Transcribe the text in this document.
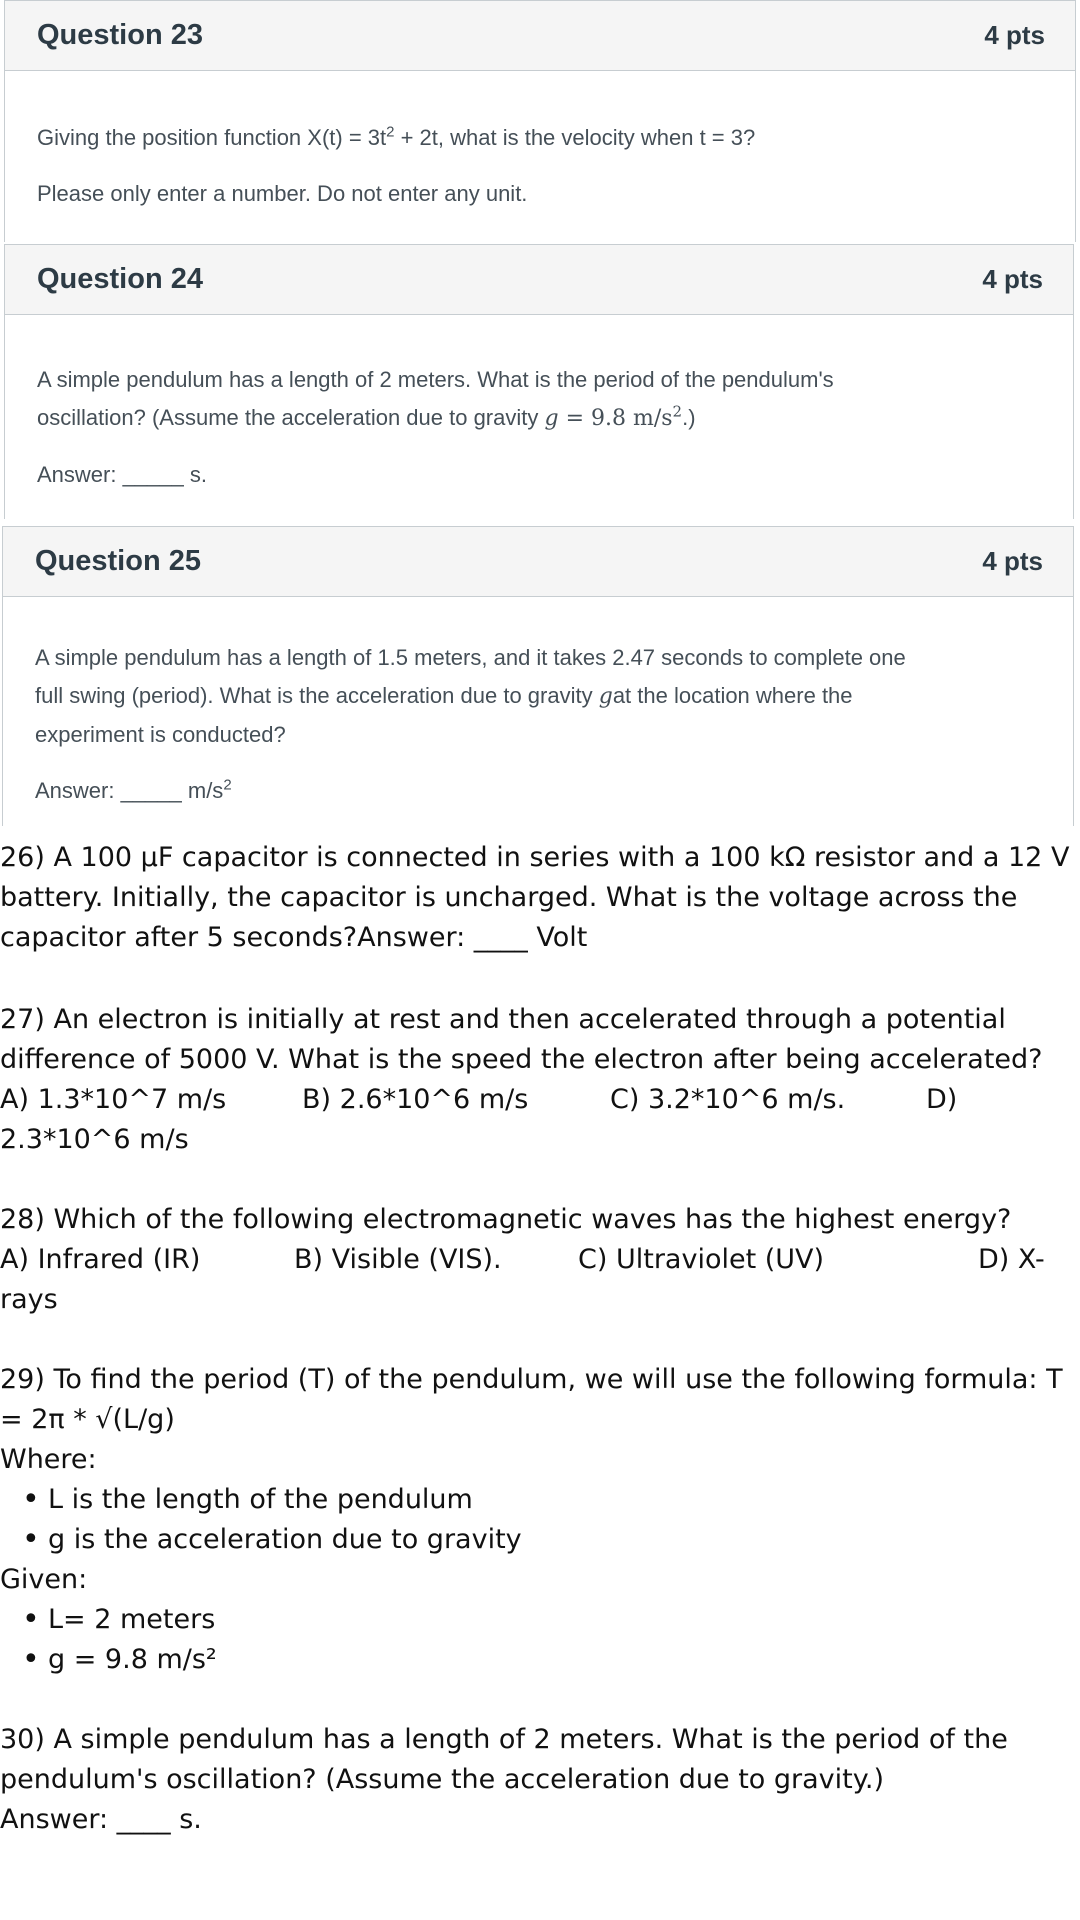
Question 23	4 pts

Giving the position function $X(t) = 3t^2 + 2t$, what is the velocity when t = 3?

Please only enter a number. Do not enter any unit.

Question 24	4 pts

A simple pendulum has a length of 2 meters. What is the period of the pendulum's

oscillation? (Assume the acceleration due to gravity g = 9.8 $m/s^2$.)

Answer: _____ s.

Question 25	4 pts

A simple pendulum has a length of 1.5 meters, and it takes 2.47 seconds to complete one

full swing (period). What is the acceleration due to gravity gat the location where the

experiment is conducted?

Answer: _____ $m/s^2$

26) A 100 μF capacitor is connected in series with a 100 kΩ resistor and a 12 V

battery. Initially, the capacitor is uncharged. What is the voltage across the

capacitor after 5 seconds?Answer: ____ Volt

27) An electron is initially at rest and then accelerated through a potential

difference of 5000 V. What is the speed the electron after being accelerated?

A) 1.3*10^7 m/s	B) 2.6*10^6 m/s	C) 3.2*10^6 m/s.	D)

2.3*10^6 m/s

28) Which of the following electromagnetic waves has the highest energy?

A) Infrared (IR)	B) Visible (VIS).	C) Ultraviolet (UV)	D) X-

rays

29) To find the period (T) of the pendulum, we will use the following formula: T

= 2π * √(L/g)

Where:

• L is the length of the pendulum
• g is the acceleration due to gravity

Given:

• L= 2 meters
• g = 9.8 m/s²

30) A simple pendulum has a length of 2 meters. What is the period of the

pendulum's oscillation? (Assume the acceleration due to gravity.)

Answer: ____ s.
